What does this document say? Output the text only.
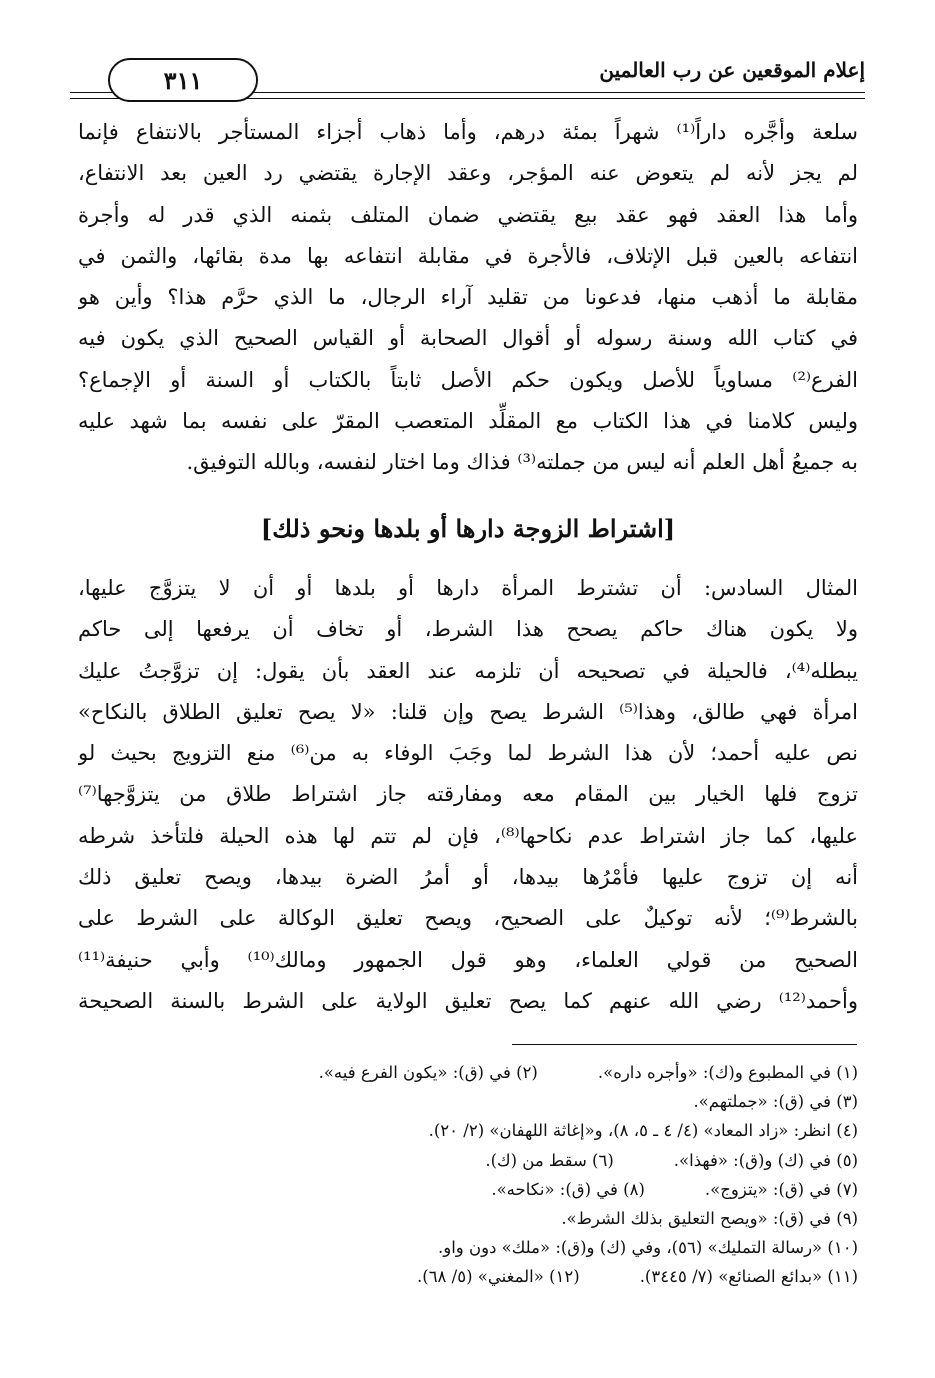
إعلام الموقعين عن رب العالمين
٣١١
سلعة وأجَّره داراً⁽¹⁾ شهراً بمئة درهم، وأما ذهاب أجزاء المستأجر بالانتفاع فإنما
لم يجز لأنه لم يتعوض عنه المؤجر، وعقد الإجارة يقتضي رد العين بعد الانتفاع،
وأما هذا العقد فهو عقد بيع يقتضي ضمان المتلف بثمنه الذي قدر له وأجرة
انتفاعه بالعين قبل الإتلاف، فالأجرة في مقابلة انتفاعه بها مدة بقائها، والثمن في
مقابلة ما أذهب منها، فدعونا من تقليد آراء الرجال، ما الذي حرَّم هذا؟ وأين هو
في كتاب الله وسنة رسوله أو أقوال الصحابة أو القياس الصحيح الذي يكون فيه
الفرع⁽²⁾ مساوياً للأصل ويكون حكم الأصل ثابتاً بالكتاب أو السنة أو الإجماع؟
وليس كلامنا في هذا الكتاب مع المقلِّد المتعصب المقرّ على نفسه بما شهد عليه
به جميعُ أهل العلم أنه ليس من جملته⁽³⁾ فذاك وما اختار لنفسه، وبالله التوفيق.
[اشتراط الزوجة دارها أو بلدها ونحو ذلك]
المثال السادس: أن تشترط المرأة دارها أو بلدها أو أن لا يتزوَّج عليها،
ولا يكون هناك حاكم يصحح هذا الشرط، أو تخاف أن يرفعها إلى حاكم
يبطله⁽⁴⁾، فالحيلة في تصحيحه أن تلزمه عند العقد بأن يقول: إن تزوَّجتُ عليك
امرأة فهي طالق، وهذا⁽⁵⁾ الشرط يصح وإن قلنا: «لا يصح تعليق الطلاق بالنكاح»
نص عليه أحمد؛ لأن هذا الشرط لما وجَبَ الوفاء به من⁽⁶⁾ منع التزويج بحيث لو
تزوج فلها الخيار بين المقام معه ومفارقته جاز اشتراط طلاق من يتزوَّجها⁽⁷⁾
عليها، كما جاز اشتراط عدم نكاحها⁽⁸⁾، فإن لم تتم لها هذه الحيلة فلتأخذ شرطه
أنه إن تزوج عليها فأمْرُها بيدها، أو أمرُ الضرة بيدها، ويصح تعليق ذلك
بالشرط⁽⁹⁾؛ لأنه توكيلٌ على الصحيح، ويصح تعليق الوكالة على الشرط على
الصحيح من قولي العلماء، وهو قول الجمهور ومالك⁽¹⁰⁾ وأبي حنيفة⁽¹¹⁾
وأحمد⁽¹²⁾ رضي الله عنهم كما يصح تعليق الولاية على الشرط بالسنة الصحيحة
(١) في المطبوع و(ك): «وأجره داره».(٢) في (ق): «يكون الفرع فيه».
(٣) في (ق): «جملتهم».
(٤) انظر: «زاد المعاد» (٤/ ٤ ـ ٥، ٨)، و«إغاثة اللهفان» (٢/ ٢٠).
(٥) في (ك) و(ق): «فهذا».(٦) سقط من (ك).
(٧) في (ق): «يتزوج».(٨) في (ق): «نكاحه».
(٩) في (ق): «ويصح التعليق بذلك الشرط».
(١٠) «رسالة التمليك» (٥٦)، وفي (ك) و(ق): «ملك» دون واو.
(١١) «بدائع الصنائع» (٧/ ٣٤٤٥).(١٢) «المغني» (٥/ ٦٨).
